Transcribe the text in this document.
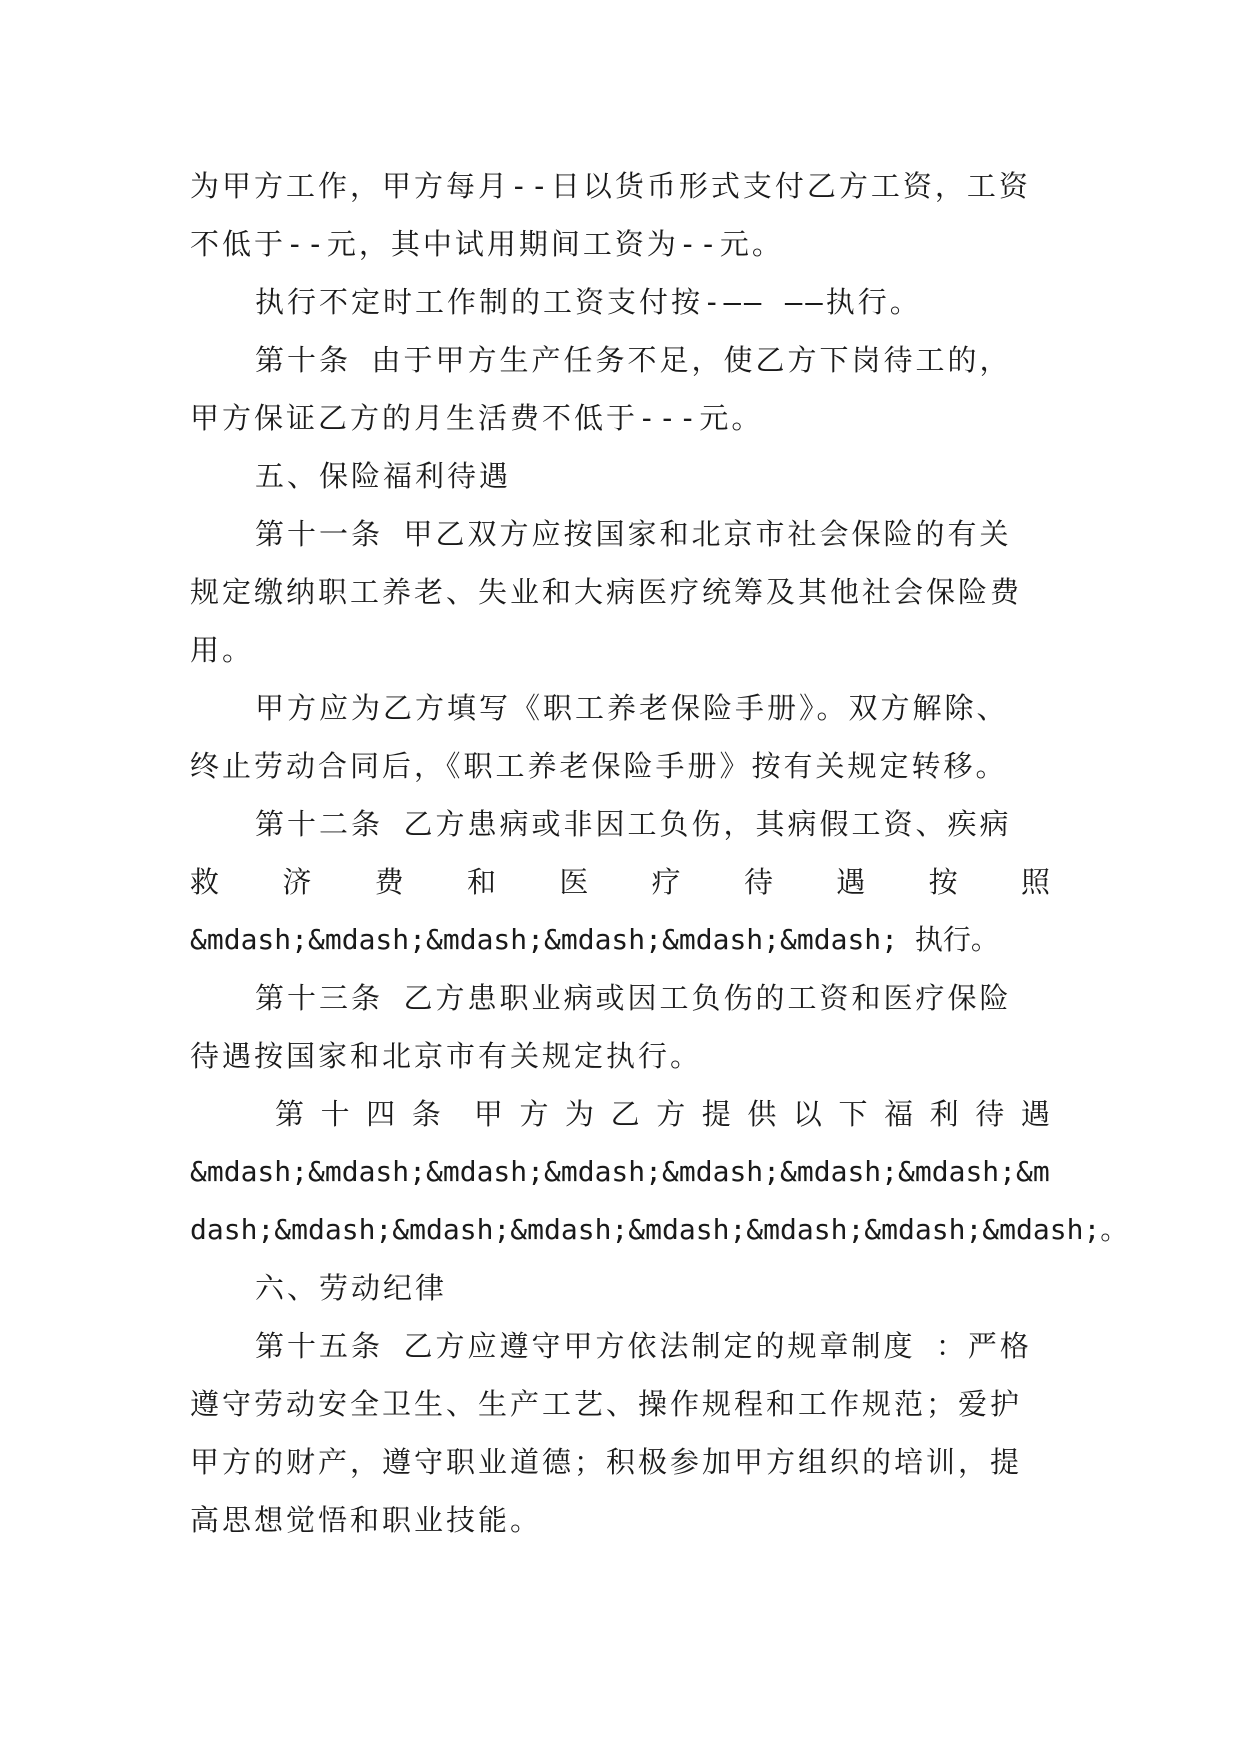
为甲方工作，甲方每月--日以货币形式支付乙方工资，工资
不低于--元，其中试用期间工资为--元。
执行不定时工作制的工资支付按-—— ——执行。
第十条 由于甲方生产任务不足，使乙方下岗待工的，
甲方保证乙方的月生活费不低于---元。
五、保险福利待遇
第十一条 甲乙双方应按国家和北京市社会保险的有关
规定缴纳职工养老、失业和大病医疗统筹及其他社会保险费
用。
甲方应为乙方填写《职工养老保险手册》。双方解除、
终止劳动合同后，《职工养老保险手册》按有关规定转移。
第十二条 乙方患病或非因工负伤，其病假工资、疾病
救 济 费 和 医 疗 待 遇 按 照
&mdash;&mdash;&mdash;&mdash;&mdash;&mdash; 执行。
第十三条 乙方患职业病或因工负伤的工资和医疗保险
待遇按国家和北京市有关规定执行。
第 十 四 条 甲 方 为 乙 方 提 供 以 下 福 利 待 遇
&mdash;&mdash;&mdash;&mdash;&mdash;&mdash;&mdash;&m
dash;&mdash;&mdash;&mdash;&mdash;&mdash;&mdash;&mdash;。
六、劳动纪律
第十五条 乙方应遵守甲方依法制定的规章制度 ：严格
遵守劳动安全卫生、生产工艺、操作规程和工作规范；爱护
甲方的财产，遵守职业道德；积极参加甲方组织的培训，提
高思想觉悟和职业技能。
